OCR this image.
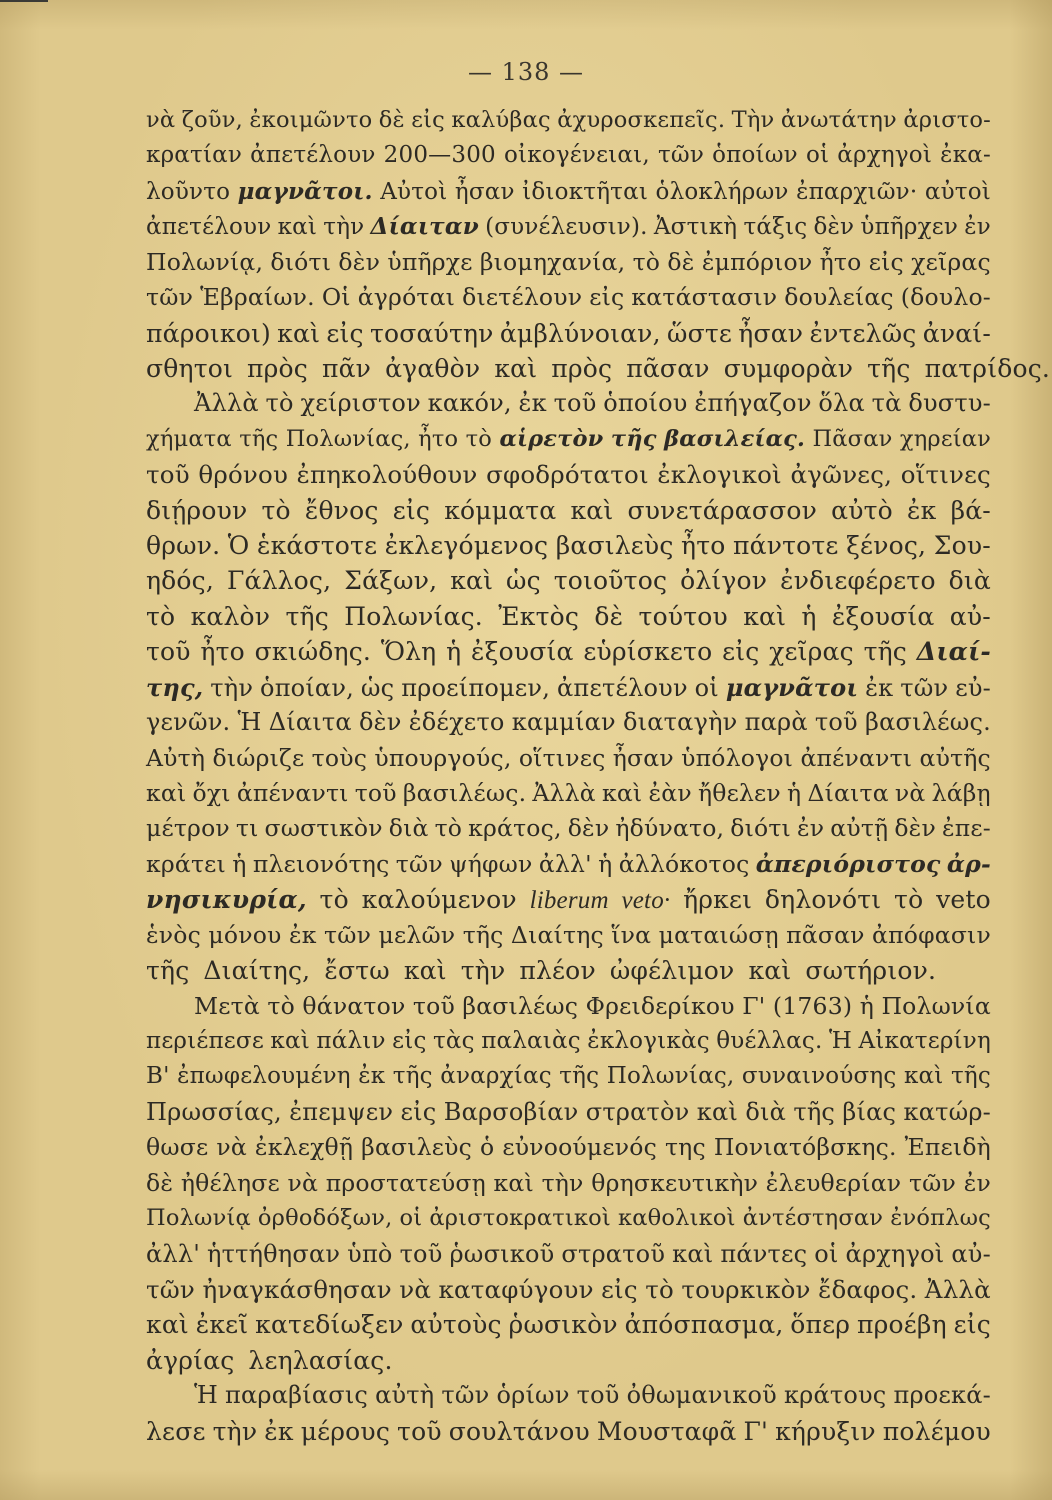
— 138 —
νὰ ζοῦν, ἐκοιμῶντο δὲ εἰς καλύβας ἀχυροσκεπεῖς. Τὴν ἀνωτάτην ἀριστο-
κρατίαν ἀπετέλουν 200—300 οἰκογένειαι, τῶν ὁποίων οἱ ἀρχηγοὶ ἐκα-
λοῦντο μαγνᾶτοι. Αὐτοὶ ἦσαν ἰδιοκτῆται ὁλοκλήρων ἐπαρχιῶν· αὐτοὶ
ἀπετέλουν καὶ τὴν Δίαιταν (συνέλευσιν). Ἀστικὴ τάξις δὲν ὑπῆρχεν ἐν
Πολωνίᾳ, διότι δὲν ὑπῆρχε βιομηχανία, τὸ δὲ ἐμπόριον ἦτο εἰς χεῖρας
τῶν Ἑβραίων. Οἱ ἀγρόται διετέλουν εἰς κατάστασιν δουλείας (δουλο-
πάροικοι) καὶ εἰς τοσαύτην ἀμβλύνοιαν, ὥστε ἦσαν ἐντελῶς ἀναί-
σθητοι πρὸς πᾶν ἀγαθὸν καὶ πρὸς πᾶσαν συμφορὰν τῆς πατρίδος.
Ἀλλὰ τὸ χείριστον κακόν, ἐκ τοῦ ὁποίου ἐπήγαζον ὅλα τὰ δυστυ-
χήματα τῆς Πολωνίας, ἦτο τὸ αἱρετὸν τῆς βασιλείας. Πᾶσαν χηρείαν
τοῦ θρόνου ἐπηκολούθουν σφοδρότατοι ἐκλογικοὶ ἀγῶνες, οἵτινες
διῄρουν τὸ ἔθνος εἰς κόμματα καὶ συνετάρασσον αὐτὸ ἐκ βά-
θρων. Ὁ ἑκάστοτε ἐκλεγόμενος βασιλεὺς ἦτο πάντοτε ξένος, Σου-
ηδός, Γάλλος, Σάξων, καὶ ὡς τοιοῦτος ὀλίγον ἐνδιεφέρετο διὰ
τὸ καλὸν τῆς Πολωνίας. Ἐκτὸς δὲ τούτου καὶ ἡ ἐξουσία αὐ-
τοῦ ἦτο σκιώδης. Ὅλη ἡ ἐξουσία εὑρίσκετο εἰς χεῖρας τῆς Διαί-
της, τὴν ὁποίαν, ὡς προείπομεν, ἀπετέλουν οἱ μαγνᾶτοι ἐκ τῶν εὐ-
γενῶν. Ἡ Δίαιτα δὲν ἐδέχετο καμμίαν διαταγὴν παρὰ τοῦ βασιλέως.
Αὐτὴ διώριζε τοὺς ὑπουργούς, οἵτινες ἦσαν ὑπόλογοι ἀπέναντι αὐτῆς
καὶ ὄχι ἀπέναντι τοῦ βασιλέως. Ἀλλὰ καὶ ἐὰν ἤθελεν ἡ Δίαιτα νὰ λάβῃ
μέτρον τι σωστικὸν διὰ τὸ κράτος, δὲν ἠδύνατο, διότι ἐν αὐτῇ δὲν ἐπε-
κράτει ἡ πλειονότης τῶν ψήφων ἀλλ' ἡ ἀλλόκοτος ἀπεριόριστος ἀρ-
νησικυρία, τὸ καλούμενον liberum veto· ἤρκει δηλονότι τὸ veto
ἑνὸς μόνου ἐκ τῶν μελῶν τῆς Διαίτης ἵνα ματαιώσῃ πᾶσαν ἀπόφασιν
τῆς Διαίτης, ἔστω καὶ τὴν πλέον ὠφέλιμον καὶ σωτήριον.
Μετὰ τὸ θάνατον τοῦ βασιλέως Φρειδερίκου Γ' (1763) ἡ Πολωνία
περιέπεσε καὶ πάλιν εἰς τὰς παλαιὰς ἐκλογικὰς θυέλλας. Ἡ Αἰκατερίνη
Β' ἐπωφελουμένη ἐκ τῆς ἀναρχίας τῆς Πολωνίας, συναινούσης καὶ τῆς
Πρωσσίας, ἐπεμψεν εἰς Βαρσοβίαν στρατὸν καὶ διὰ τῆς βίας κατώρ-
θωσε νὰ ἐκλεχθῇ βασιλεὺς ὁ εὐνοούμενός της Πονιατόβσκης. Ἐπειδὴ
δὲ ἠθέλησε νὰ προστατεύσῃ καὶ τὴν θρησκευτικὴν ἐλευθερίαν τῶν ἐν
Πολωνίᾳ ὀρθοδόξων, οἱ ἀριστοκρατικοὶ καθολικοὶ ἀντέστησαν ἐνόπλως
ἀλλ' ἡττήθησαν ὑπὸ τοῦ ῥωσικοῦ στρατοῦ καὶ πάντες οἱ ἀρχηγοὶ αὐ-
τῶν ἠναγκάσθησαν νὰ καταφύγουν εἰς τὸ τουρκικὸν ἔδαφος. Ἀλλὰ
καὶ ἐκεῖ κατεδίωξεν αὐτοὺς ῥωσικὸν ἀπόσπασμα, ὅπερ προέβη εἰς
ἀγρίας λεηλασίας.
Ἡ παραβίασις αὐτὴ τῶν ὁρίων τοῦ ὀθωμανικοῦ κράτους προεκά-
λεσε τὴν ἐκ μέρους τοῦ σουλτάνου Μουσταφᾶ Γ' κήρυξιν πολέμου
